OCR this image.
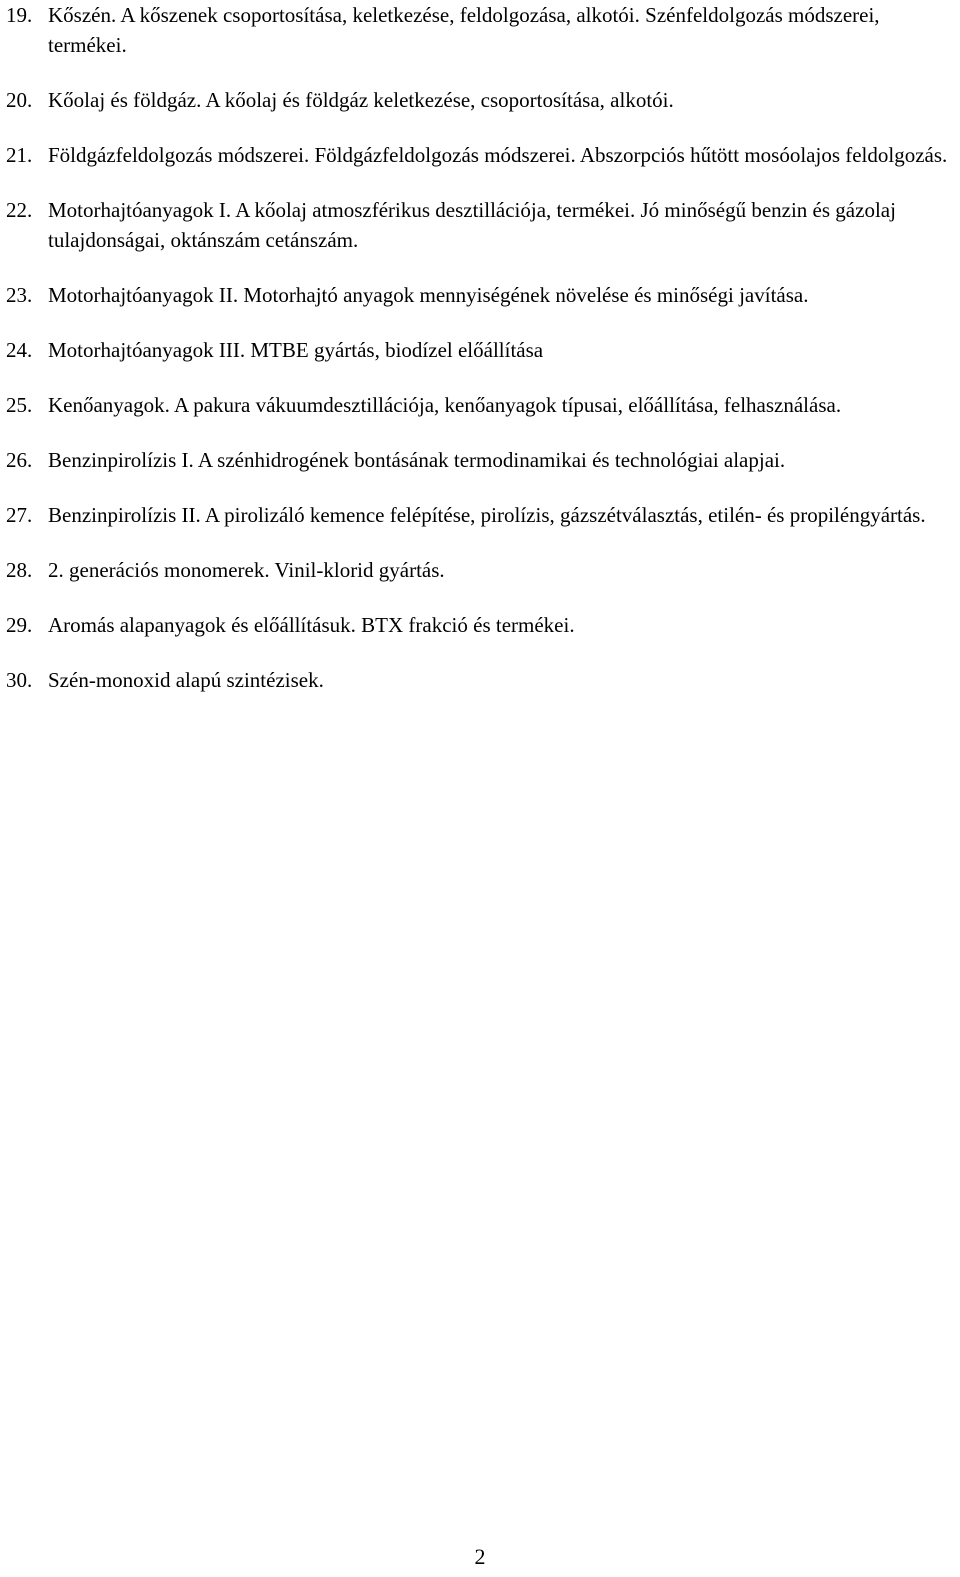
19. Kőszén. A kőszenek csoportosítása, keletkezése, feldolgozása, alkotói. Szénfeldolgozás módszerei, termékei.
20. Kőolaj és földgáz. A kőolaj és földgáz keletkezése, csoportosítása, alkotói.
21. Földgázfeldolgozás módszerei. Földgázfeldolgozás módszerei. Abszorpciós hűtött mosóolajos feldolgozás.
22. Motorhajtóanyagok I. A kőolaj atmoszférikus desztillációja, termékei. Jó minőségű benzin és gázolaj tulajdonságai, oktánszám cetánszám.
23. Motorhajtóanyagok II. Motorhajtó anyagok mennyiségének növelése és minőségi javítása.
24. Motorhajtóanyagok III. MTBE gyártás, biodízel előállítása
25. Kenőanyagok. A pakura vákuumdesztillációja, kenőanyagok típusai, előállítása, felhasználása.
26. Benzinpirolízis I. A szénhidrogének bontásának termodinamikai és technológiai alapjai.
27. Benzinpirolízis II. A pirolizáló kemence felépítése, pirolízis, gázszétválasztás, etilén- és propiléngyártás.
28. 2. generációs monomerek. Vinil-klorid gyártás.
29. Aromás alapanyagok és előállításuk. BTX frakció és termékei.
30. Szén-monoxid alapú szintézisek.
2
